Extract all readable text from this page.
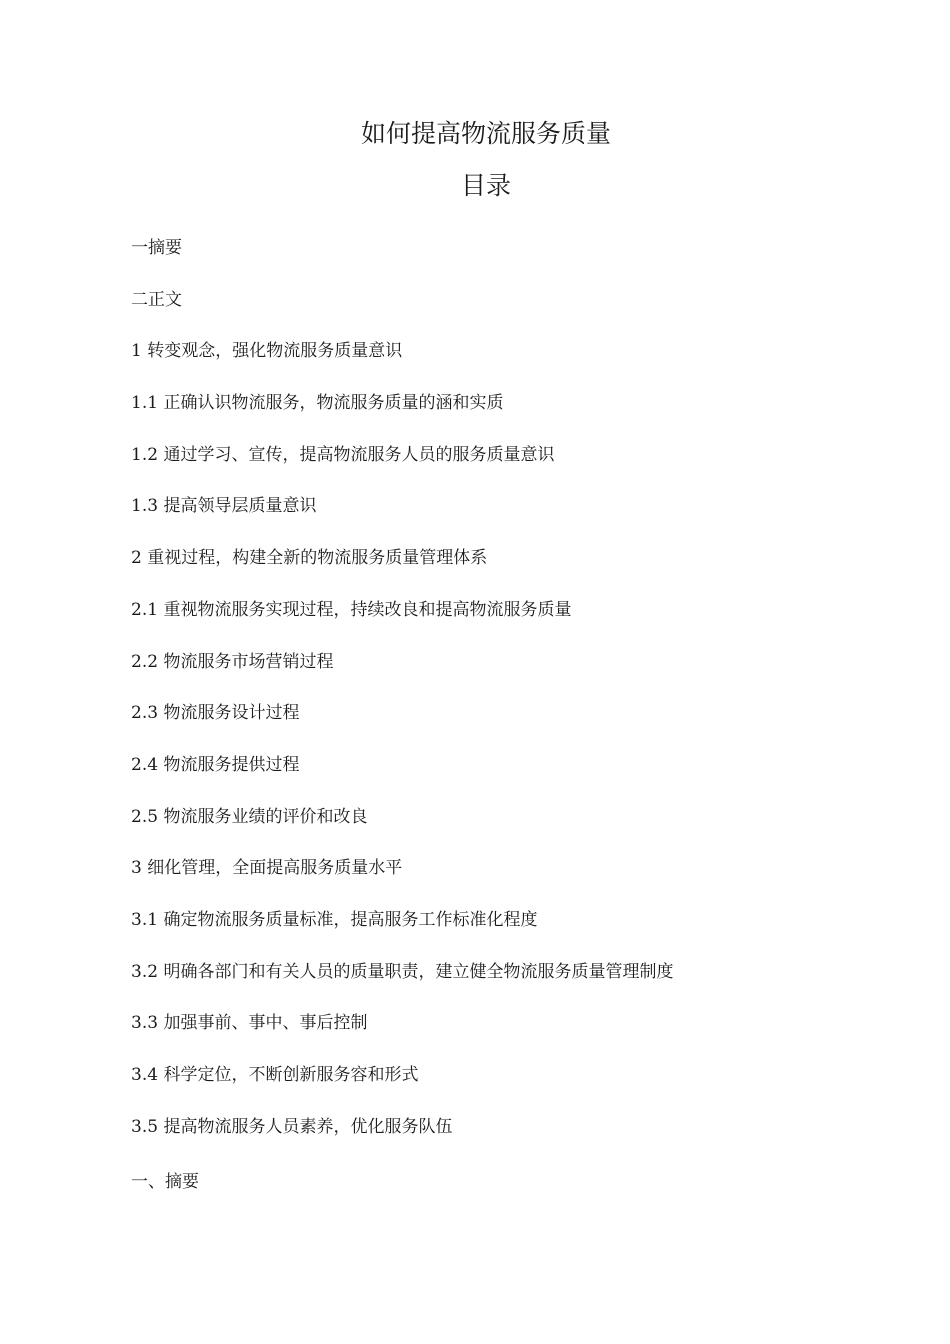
如何提高物流服务质量
目录
一摘要
二正文
1 转变观念，强化物流服务质量意识
1.1 正确认识物流服务，物流服务质量的涵和实质
1.2 通过学习、宣传，提高物流服务人员的服务质量意识
1.3 提高领导层质量意识
2 重视过程，构建全新的物流服务质量管理体系
2.1 重视物流服务实现过程，持续改良和提高物流服务质量
2.2 物流服务市场营销过程
2.3 物流服务设计过程
2.4 物流服务提供过程
2.5 物流服务业绩的评价和改良
3 细化管理，全面提高服务质量水平
3.1 确定物流服务质量标准，提高服务工作标准化程度
3.2 明确各部门和有关人员的质量职责，建立健全物流服务质量管理制度
3.3 加强事前、事中、事后控制
3.4 科学定位，不断创新服务容和形式
3.5 提高物流服务人员素养，优化服务队伍
一、摘要
